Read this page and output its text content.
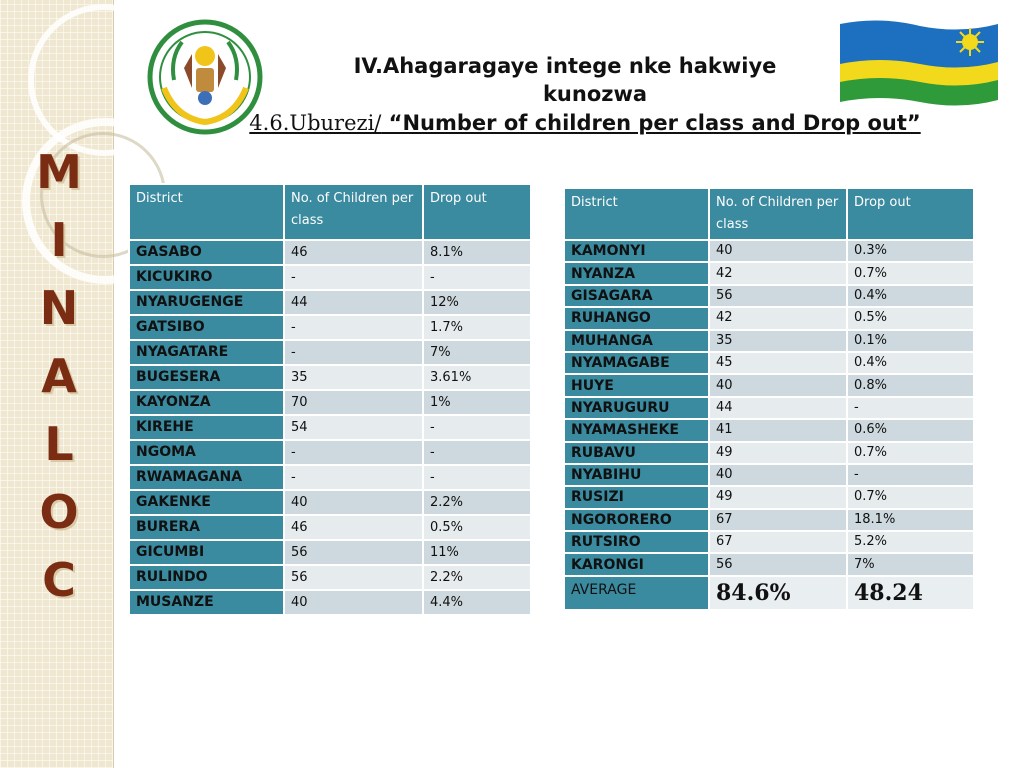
M
I
N
A
L
O
C
IV.Ahagaragaye intege nke hakwiye
kunozwa
4.6.Uburezi/ “Number of children per class and Drop out”
District	No. of Children per class	Drop out
GASABO	46	8.1%
KICUKIRO	-	-
NYARUGENGE	44	12%
GATSIBO	-	1.7%
NYAGATARE	-	7%
BUGESERA	35	3.61%
KAYONZA	70	1%
KIREHE	54	-
NGOMA	-	-
RWAMAGANA	-	-
GAKENKE	40	2.2%
BURERA	46	0.5%
GICUMBI	56	11%
RULINDO	56	2.2%
MUSANZE	40	4.4%
District	No. of Children per class	Drop out
KAMONYI	40	0.3%
NYANZA	42	0.7%
GISAGARA	56	0.4%
RUHANGO	42	0.5%
MUHANGA	35	0.1%
NYAMAGABE	45	0.4%
HUYE	40	0.8%
NYARUGURU	44	-
NYAMASHEKE	41	0.6%
RUBAVU	49	0.7%
NYABIHU	40	-
RUSIZI	49	0.7%
NGORORERO	67	18.1%
RUTSIRO	67	5.2%
KARONGI	56	7%
AVERAGE	84.6%	48.24
